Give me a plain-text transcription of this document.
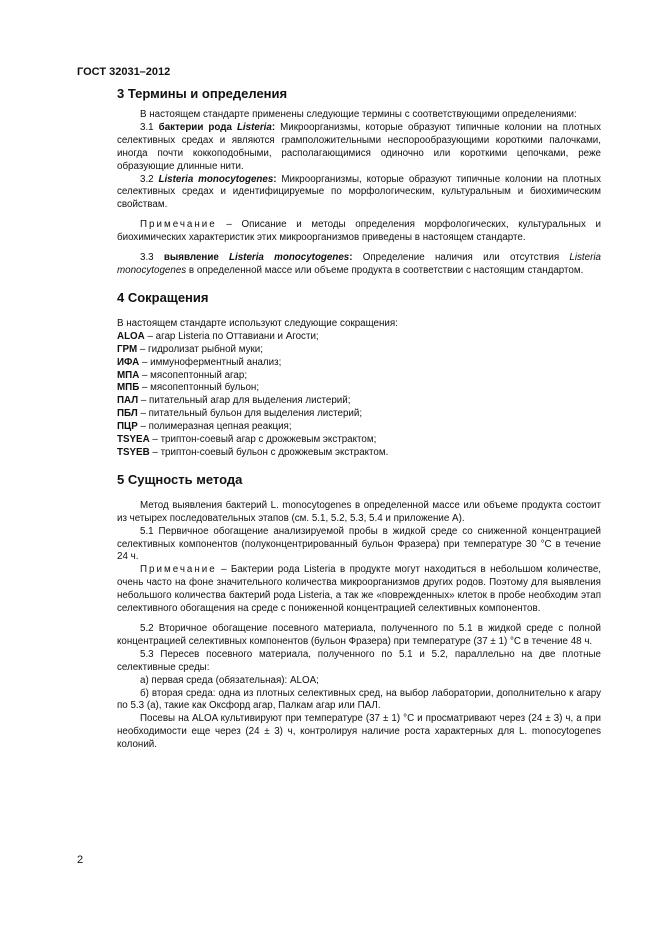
ГОСТ 32031–2012
3 Термины и определения

В настоящем стандарте применены следующие термины с соответствующими определениями:

3.1 бактерии рода Listeria: Микроорганизмы, которые образуют типичные колонии на плотных селективных средах и являются грамположительными неспорообразующими короткими палочками, иногда почти коккоподобными, располагающимися одиночно или короткими цепочками, реже образующие длинные нити.

3.2 Listeria monocytogenes: Микроорганизмы, которые образуют типичные колонии на плотных селективных средах и идентифицируемые по морфологическим, культуральным и биохимическим свойствам.

Примечание – Описание и методы определения морфологических, культуральных и биохимических характеристик этих микроорганизмов приведены в настоящем стандарте.

3.3 выявление Listeria monocytogenes: Определение наличия или отсутствия Listeria monocytogenes в определенной массе или объеме продукта в соответствии с настоящим стандартом.

4 Сокращения

В настоящем стандарте используют следующие сокращения:

ALOA – агар Listeria по Оттавиани и Агости;

ГРМ – гидролизат рыбной муки;

ИФА – иммуноферментный анализ;

МПА – мясопептонный агар;

МПБ – мясопептонный бульон;

ПАЛ – питательный агар для выделения листерий;

ПБЛ – питательный бульон для выделения листерий;

ПЦР – полимеразная цепная реакция;

TSYEA – триптон-соевый агар с дрожжевым экстрактом;

TSYEB – триптон-соевый бульон с дрожжевым экстрактом.

5 Сущность метода

Метод выявления бактерий L. monocytogenes в определенной массе или объеме продукта состоит из четырех последовательных этапов (см. 5.1, 5.2, 5.3, 5.4 и приложение А).

5.1 Первичное обогащение анализируемой пробы в жидкой среде со сниженной концентрацией селективных компонентов (полуконцентрированный бульон Фразера) при температуре 30 °С в течение 24 ч.

Примечание – Бактерии рода Listeria в продукте могут находиться в небольшом количестве, очень часто на фоне значительного количества микроорганизмов других родов. Поэтому для выявления небольшого количества бактерий рода Listeria, а так же «поврежденных» клеток в пробе необходим этап селективного обогащения на среде с пониженной концентрацией селективных компонентов.

5.2 Вторичное обогащение посевного материала, полученного по 5.1 в жидкой среде с полной концентрацией селективных компонентов (бульон Фразера) при температуре (37 ± 1) °С в течение 48 ч.

5.3 Пересев посевного материала, полученного по 5.1 и 5.2, параллельно на две плотные селективные среды:

а) первая среда (обязательная): ALOA;

б) вторая среда: одна из плотных селективных сред, на выбор лаборатории, дополнительно к агару по 5.3 (а), такие как Оксфорд агар, Палкам агар или ПАЛ.

Посевы на ALOA культивируют при температуре (37 ± 1) °С и просматривают через (24 ± 3) ч, а при необходимости еще через (24 ± 3) ч, контролируя наличие роста характерных для L. monocytogenes колоний.

2
